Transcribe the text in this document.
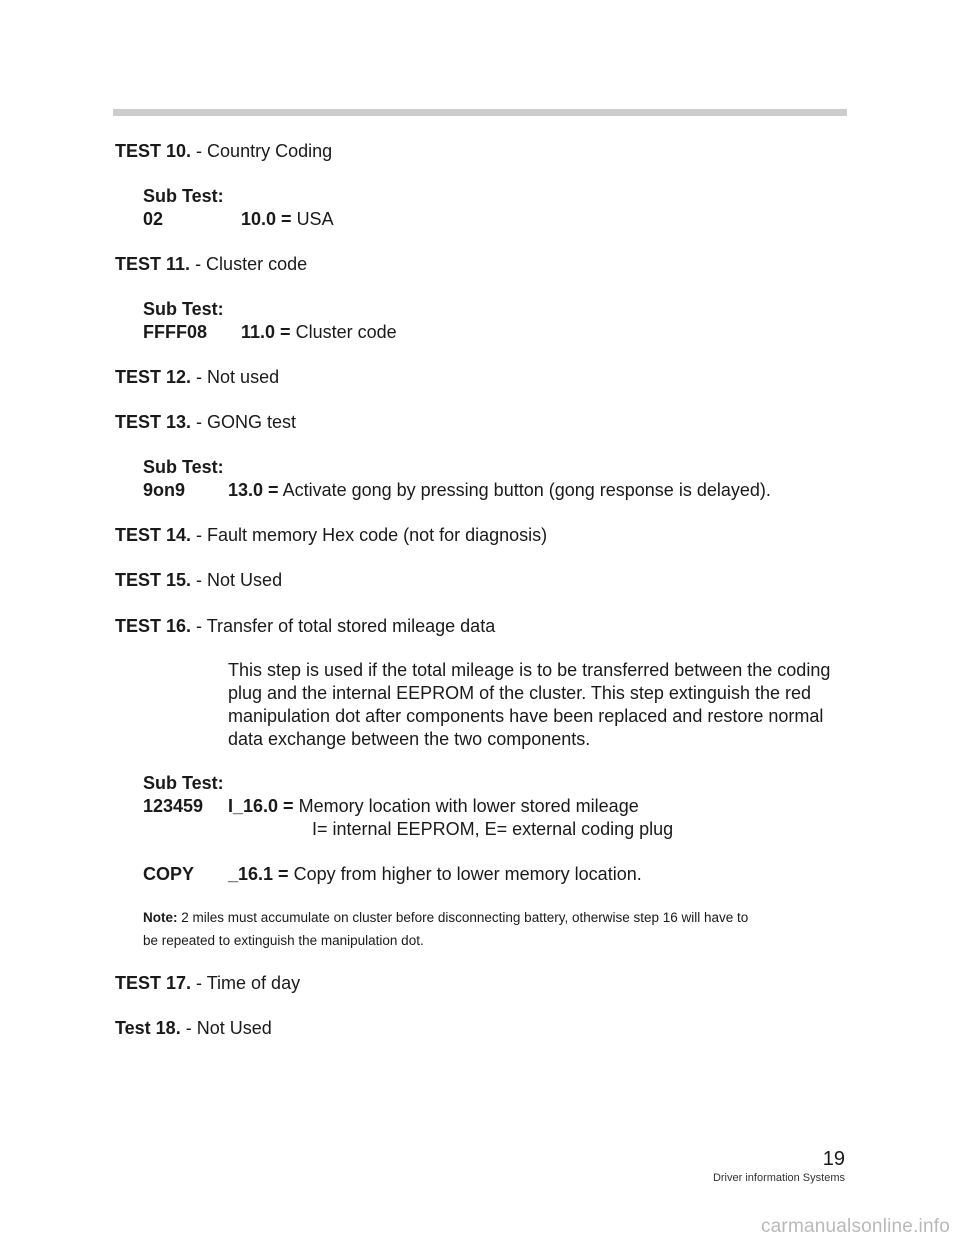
TEST 10. - Country Coding
Sub Test:
02	10.0 = USA
TEST 11. - Cluster code
Sub Test:
FFFF08 11.0 = Cluster code
TEST 12. - Not used
TEST 13. - GONG test
Sub Test:
9on9 13.0 = Activate gong by pressing button (gong response is delayed).
TEST 14. - Fault memory Hex code (not for diagnosis)
TEST 15. - Not Used
TEST 16. - Transfer of total stored mileage data
This step is used if the total mileage is to be transferred between the coding
plug and the internal EEPROM of the cluster. This step extinguish the red
manipulation dot after components have been replaced and restore normal
data exchange between the two components.
Sub Test:
123459 I_16.0 = Memory location with lower stored mileage
I= internal EEPROM, E= external coding plug
COPY _16.1 = Copy from higher to lower memory location.
Note: 2 miles must accumulate on cluster before disconnecting battery, otherwise step 16 will have to
be repeated to extinguish the manipulation dot.
TEST 17. - Time of day
Test 18. - Not Used
19
Driver information Systems
carmanualsonline.info
